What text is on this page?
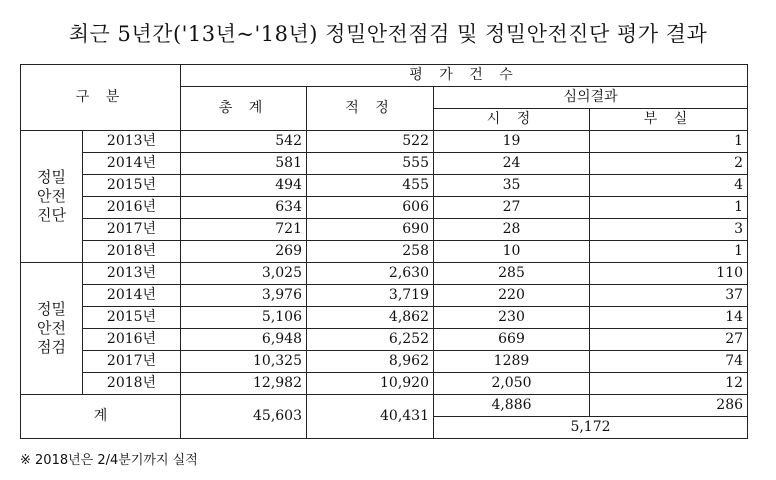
최근 5년간('13년~'18년) 정밀안전점검 및 정밀안전진단 평가 결과
구 분		평 가 건 수			
		총 계	적 정	심의결과	
				시 정	부 실

정밀
안전
진단	2013년	542	522	19	1
	2014년	581	555	24	2
	2015년	494	455	35	4
	2016년	634	606	27	1
	2017년	721	690	28	3
	2018년	269	258	10	1

정밀
안전
점검	2013년	3,025	2,630	285	110
	2014년	3,976	3,719	220	37
	2015년	5,106	4,862	230	14
	2016년	6,948	6,252	669	27
	2017년	10,325	8,962	1289	74
	2018년	12,982	10,920	2,050	12
계		45,603	40,431	4,886	286
				5,172	
※ 2018년은 2/4분기까지 실적
